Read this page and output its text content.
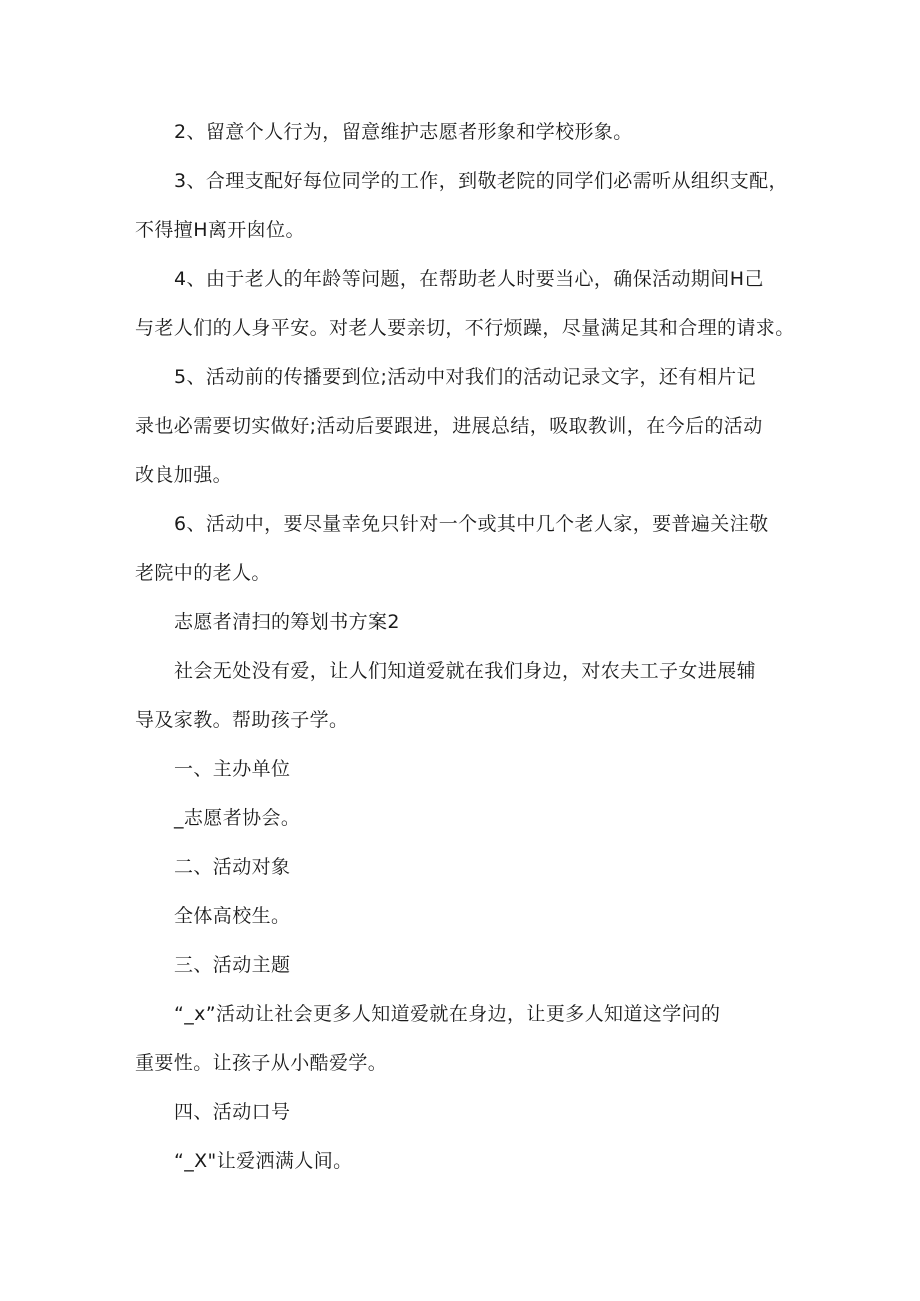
2、留意个人行为，留意维护志愿者形象和学校形象。
3、合理支配好每位同学的工作，到敬老院的同学们必需听从组织支配，
不得擅H离开囱位。
4、由于老人的年龄等问题，在帮助老人时要当心，确保活动期间H己
与老人们的人身平安。对老人要亲切，不行烦躁，尽量满足其和合理的请求。
5、活动前的传播要到位;活动中对我们的活动记录文字，还有相片记
录也必需要切实做好;活动后要跟进，进展总结，吸取教训，在今后的活动
改良加强。
6、活动中，要尽量幸免只针对一个或其中几个老人家，要普遍关注敬
老院中的老人。
志愿者清扫的筹划书方案2
社会无处没有爱，让人们知道爱就在我们身边，对农夫工子女进展辅
导及家教。帮助孩子学。
一、主办单位
_志愿者协会。
二、活动对象
全体高校生。
三、活动主题
“_x”活动让社会更多人知道爱就在身边，让更多人知道这学问的
重要性。让孩子从小酷爱学。
四、活动口号
“_X"让爱洒满人间。
